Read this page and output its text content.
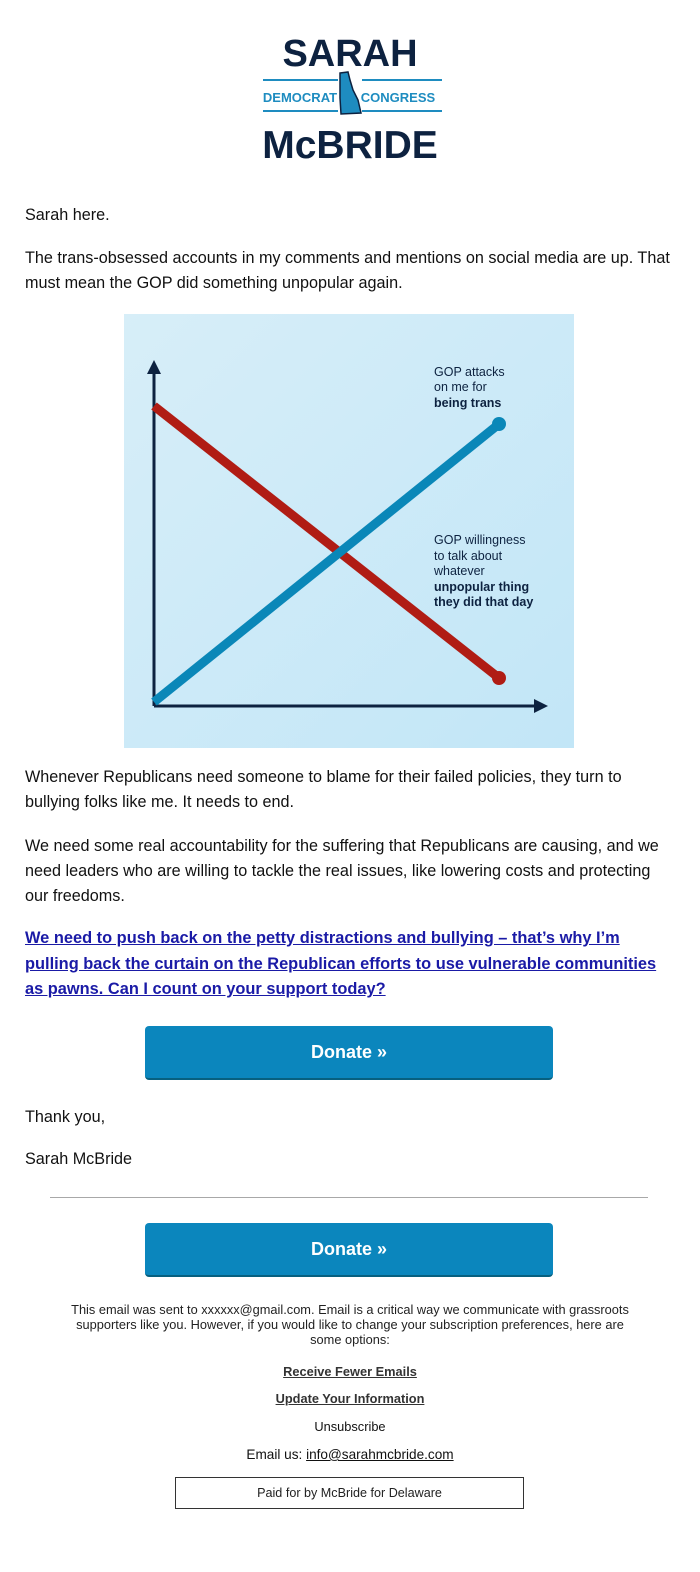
SARAH
DEMOCRAT CONGRESS
McBRIDE

Sarah here.

The trans-obsessed accounts in my comments and mentions on social media are up. That must mean the GOP did something unpopular again.

GOP attacks
on me for
being trans
GOP willingness
to talk about
whatever
unpopular thing
they did that day

Whenever Republicans need someone to blame for their failed policies, they turn to bullying folks like me. It needs to end.

We need some real accountability for the suffering that Republicans are causing, and we need leaders who are willing to tackle the real issues, like lowering costs and protecting our freedoms.

We need to push back on the petty distractions and bullying – that’s why I’m pulling back the curtain on the Republican efforts to use vulnerable communities as pawns. Can I count on your support today?

Donate »

Thank you,

Sarah McBride

Donate »

This email was sent to xxxxxx@gmail.com. Email is a critical way we communicate with grassroots supporters like you. However, if you would like to change your subscription preferences, here are some options:

Receive Fewer Emails
Update Your Information
Unsubscribe
Email us: info@sarahmcbride.com
Paid for by McBride for Delaware
